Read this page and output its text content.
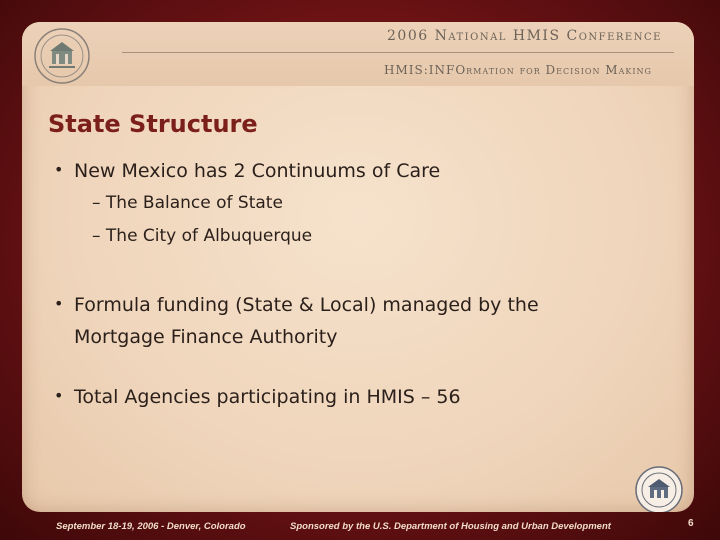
2006 National HMIS Conference
HMIS:INFOrmation for Decision Making
State Structure
• New Mexico has 2 Continuums of Care
– The Balance of State
– The City of Albuquerque
• Formula funding (State & Local) managed by the
Mortgage Finance Authority
• Total Agencies participating in HMIS – 56
September 18-19, 2006 - Denver, Colorado	Sponsored by the U.S. Department of Housing and Urban Development	6
